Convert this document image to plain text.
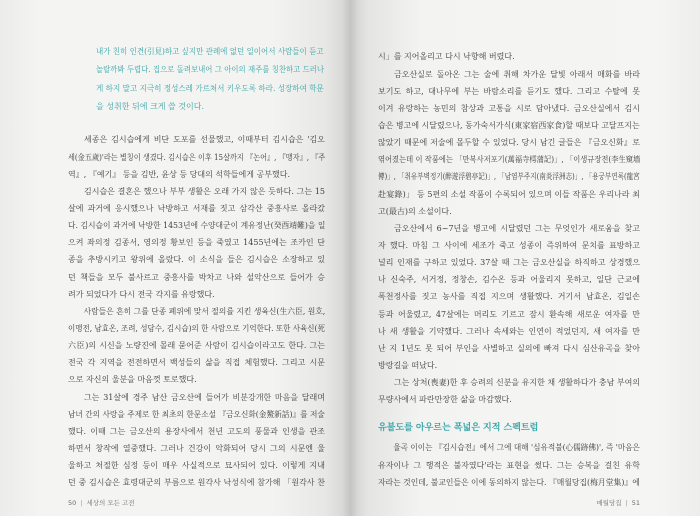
내가 친히 인견(引見)하고 싶지만 관례에 없던 일이어서 사람들이 듣고
놀랄까봐 두렵다. 집으로 돌려보내어 그 아이의 재주를 칭찬하고 드러나
게 하지 말고 지극히 정성스레 가르쳐서 키우도록 하라. 성장하여 학문
을 성취한 뒤에 크게 쓸 것이다.
세종은 김시습에게 비단 도포를 선물했고, 이때부터 김시습은 '김오
세(金五歲)'라는 별칭이 생겼다. 김시습은 이후 15살까지 『논어』, 『맹자』, 『주
역』, 『예기』 등을 김반, 윤상 등 당대의 석학들에게 공부했다.
김시습은 결혼은 했으나 부부 생활은 오래 가지 않은 듯하다. 그는 15
살에 과거에 응시했으나 낙방하고 서재를 짓고 삼각산 중흥사로 올라갔
다. 김시습이 과거에 낙방한 1453년에 수양대군이 계유정난(癸酉靖難)을 일
으켜 좌의정 김종서, 영의정 황보인 등을 죽였고 1455년에는 조카인 단
종을 추방시키고 왕위에 올랐다. 이 소식을 들은 김시습은 소장하고 있
던 책들을 모두 불사르고 중흥사를 박차고 나와 설악산으로 들어가 승
려가 되었다가 다시 전국 각지를 유랑했다.
사람들은 흔히 그를 단종 폐위에 맞서 절의를 지킨 생육신(生六臣, 원호,
이맹전, 남효온, 조려, 성담수, 김시습)의 한 사람으로 기억한다. 또한 사육신(死
六臣)의 시신을 노량진에 몰래 묻어준 사람이 김시습이라고도 한다. 그는
전국 각 지역을 전전하면서 백성들의 삶을 직접 체험했다. 그리고 시문
으로 자신의 울분을 마음껏 토로했다.
그는 31살에 경주 남산 금오산에 들어가 비분강개한 마음을 달래며
남녀 간의 사랑을 주제로 한 최초의 한문소설 『금오신화(金鰲新話)』를 저술
했다. 이때 그는 금오산의 용장사에서 천년 고도의 풍물과 인생을 관조
하면서 창작에 열중했다. 그러나 건강이 악화되어 당시 그의 시문엔 울
울하고 처절한 심정 등이 매우 사실적으로 묘사되어 있다. 이렇게 지내
던 중 김시습은 효령대군의 부름으로 원각사 낙성식에 참가해 「원각사 찬
50 | 세상의 모든 고전
시」를 지어올리고 다시 낙향해 버렸다.
금오산실로 돌아온 그는 술에 취해 차가운 달빛 아래서 매화를 바라
보기도 하고, 대나무에 부는 바람소리를 듣기도 했다. 그리고 수탈에 못
이겨 유랑하는 농민의 참상과 고통을 시로 담아냈다. 금오산실에서 김시
습은 병고에 시달렸으나, 동가숙서가식(東家宿西家食)할 때보다 고달프지는
않았기 때문에 저술에 몰두할 수 있었다. 당시 남긴 글들은 『금오신화』로
엮어졌는데 이 작품에는 「만복사저포기(萬福寺樗蒲記)」, 「이생규장전(李生窺墻
傳)」, 「취유부벽정기(醉遊浮碧亭記)」, 「남염부주지(南炎浮洲志)」, 「용궁부연록(龍宮
赴宴錄)」 등 5편의 소설 작품이 수록되어 있으며 이들 작품은 우리나라 최
고(最古)의 소설이다.
금오산에서 6~7년을 병고에 시달렸던 그는 무엇인가 새로움을 찾고
자 했다. 마침 그 사이에 세조가 죽고 성종이 즉위하여 문치를 표방하고
널리 인재를 구하고 있었다. 37살 때 그는 금오산실을 하직하고 상경했으
나 신숙주, 서거정, 정창손, 김수온 등과 어울리지 못하고, 일단 근교에
폭천정사를 짓고 농사를 직접 지으며 생활했다. 거기서 남효온, 김일손
등과 어울렸고, 47살에는 머리도 기르고 잠시 환속해 새로운 여자를 만
나 새 생활을 기약했다. 그러나 속세와는 인연이 적었던지, 새 여자를 만
난 지 1년도 못 되어 부인을 사별하고 실의에 빠져 다시 심산유곡을 찾아
방랑길을 떠났다.
그는 상처(喪妻)한 후 승려의 신분을 유지한 채 생활하다가 충남 부여의
무량사에서 파란만장한 삶을 마감했다.
유불도를 아우르는 폭넓은 지적 스펙트럼
율곡 이이는 『김시습전』에서 그에 대해 '심유적불(心儒跡佛)', 즉 '마음은
유자이나 그 행적은 불자였다'라는 표현을 썼다. 그는 승복을 걸친 유학
자라는 것인데, 불교인들은 이에 동의하지 않는다. 『매월당집(梅月堂集)』에
매월당집 | 51
